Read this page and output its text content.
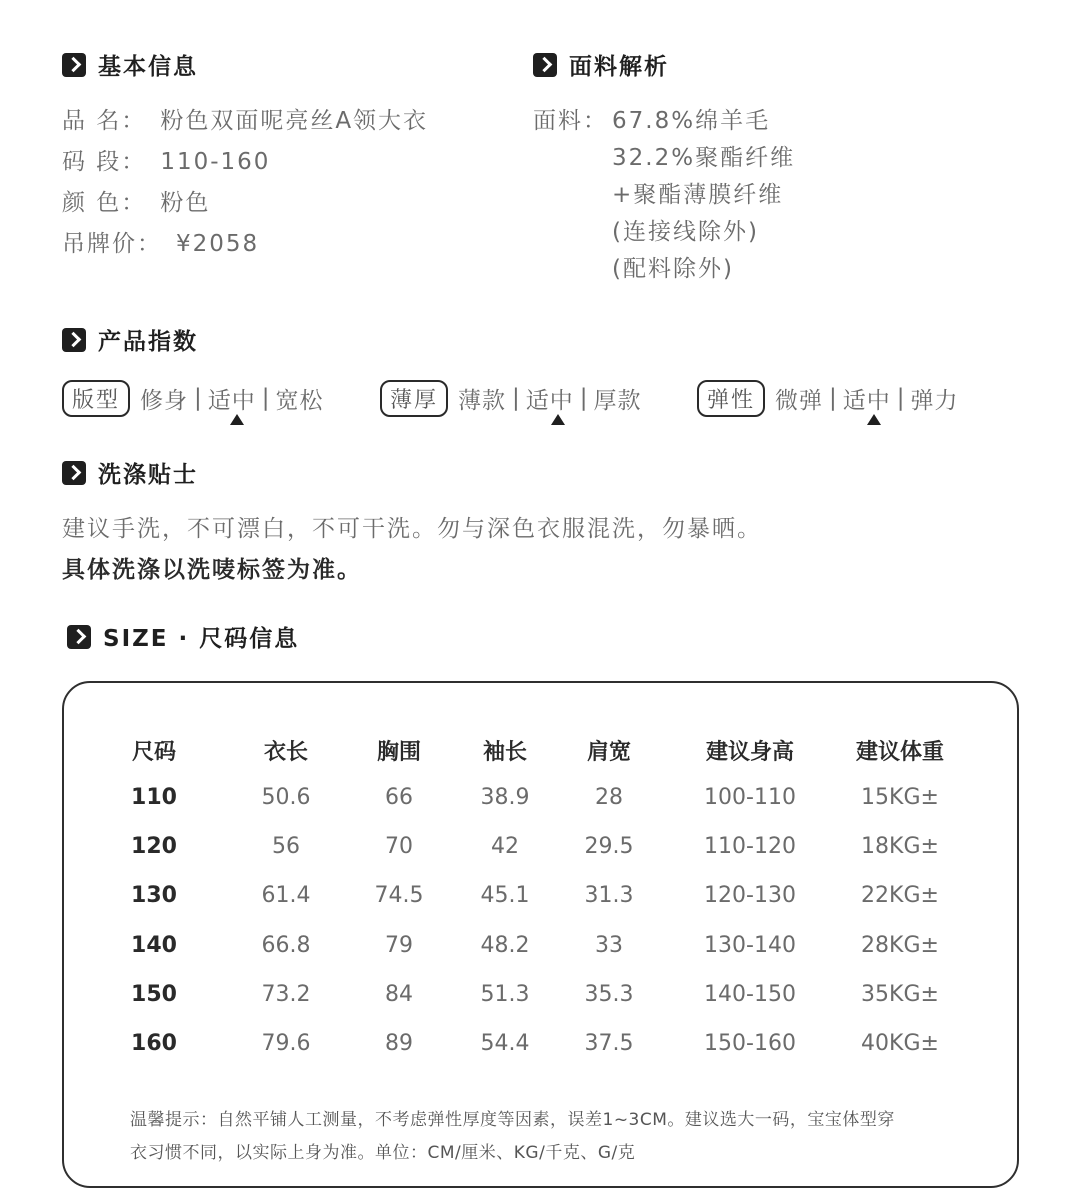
基本信息
品 名： 粉色双面呢亮丝A领大衣
码 段： 110-160
颜 色： 粉色
吊牌价： ¥2058
面料解析
面料： 67.8%绵羊毛
32.2%聚酯纤维
+聚酯薄膜纤维
(连接线除外)
(配料除外)
产品指数
版型 修身 | 适中 | 宽松	薄厚 薄款 | 适中 | 厚款	弹性 微弹 | 适中 | 弹力
洗涤贴士
建议手洗，不可漂白，不可干洗。勿与深色衣服混洗，勿暴晒。
具体洗涤以洗唛标签为准。
SIZE · 尺码信息
尺码	衣长	胸围	袖长	肩宽	建议身高	建议体重
110	50.6	66	38.9	28	100-110	15KG±
120	56	70	42	29.5	110-120	18KG±
130	61.4	74.5	45.1	31.3	120-130	22KG±
140	66.8	79	48.2	33	130-140	28KG±
150	73.2	84	51.3	35.3	140-150	35KG±
160	79.6	89	54.4	37.5	150-160	40KG±
温馨提示：自然平铺人工测量，不考虑弹性厚度等因素，误差1~3CM。建议选大一码，宝宝体型穿
衣习惯不同，以实际上身为准。单位：CM/厘米、KG/千克、G/克
